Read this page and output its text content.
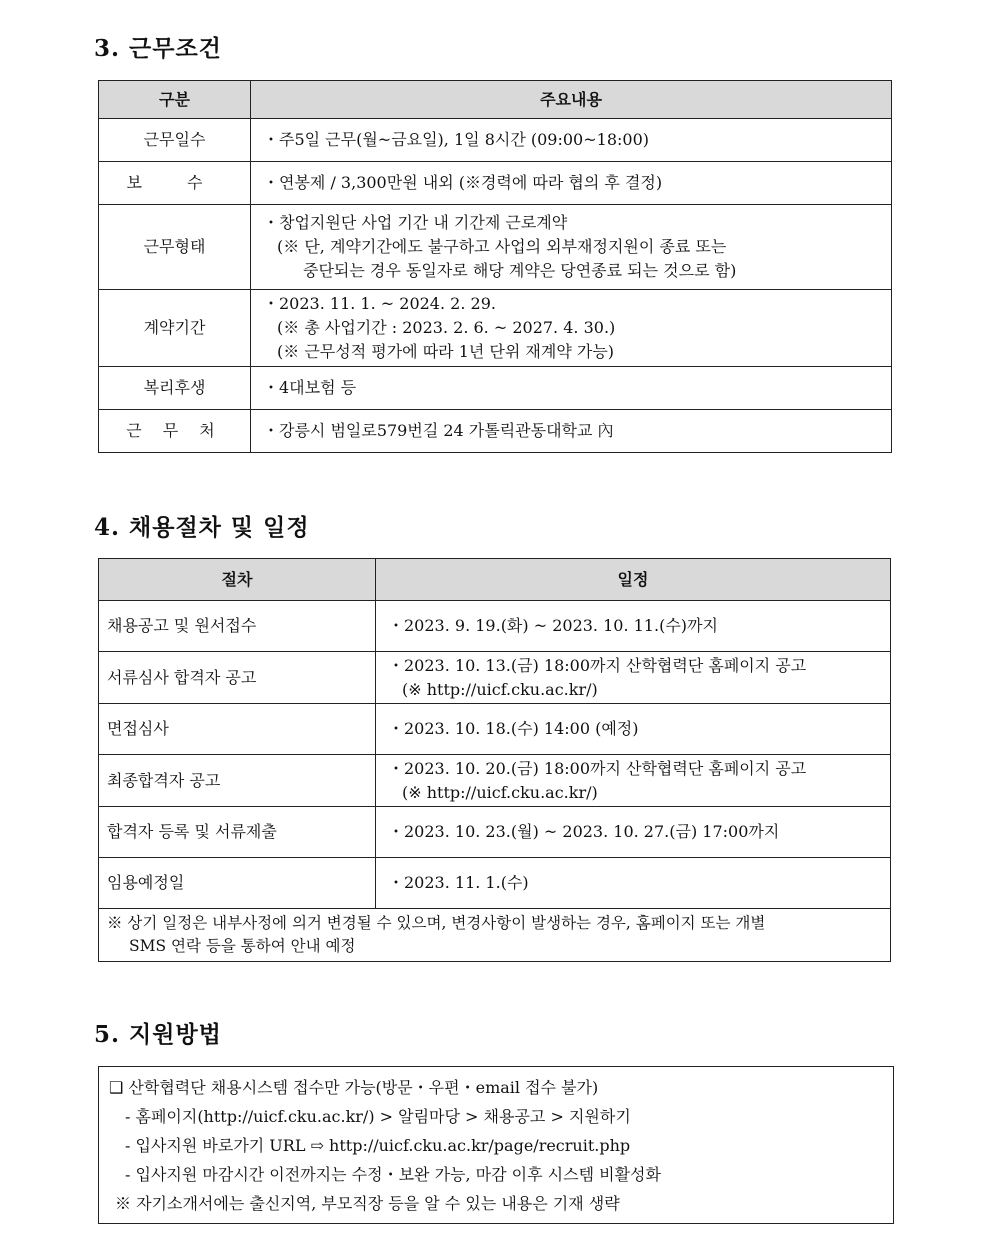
3. 근무조건
구분	주요내용
근무일수	・주5일 근무(월~금요일), 1일 8시간 (09:00~18:00)

보 수	・연봉제 / 3,300만원 내외 (※경력에 따라 협의 후 결정)

근무형태	・창업지원단 사업 기간 내 기간제 근로계약
(※ 단, 계약기간에도 불구하고 사업의 외부재정지원이 종료 또는
중단되는 경우 동일자로 해당 계약은 당연종료 되는 것으로 함)

계약기간	・2023. 11. 1. ~ 2024. 2. 29.
(※ 총 사업기간 : 2023. 2. 6. ~ 2027. 4. 30.)
(※ 근무성적 평가에 따라 1년 단위 재계약 가능)

복리후생	・4대보험 등

근 무 처	・강릉시 범일로579번길 24 가톨릭관동대학교 內
4. 채용절차 및 일정
절차	일정
채용공고 및 원서접수	・2023. 9. 19.(화) ~ 2023. 10. 11.(수)까지

서류심사 합격자 공고	・2023. 10. 13.(금) 18:00까지 산학협력단 홈페이지 공고
(※ http://uicf.cku.ac.kr/)

면접심사	・2023. 10. 18.(수) 14:00 (예정)

최종합격자 공고	・2023. 10. 20.(금) 18:00까지 산학협력단 홈페이지 공고
(※ http://uicf.cku.ac.kr/)

합격자 등록 및 서류제출	・2023. 10. 23.(월) ~ 2023. 10. 27.(금) 17:00까지

임용예정일	・2023. 11. 1.(수)

※ 상기 일정은 내부사정에 의거 변경될 수 있으며, 변경사항이 발생하는 경우, 홈페이지 또는 개별
SMS 연락 등을 통하여 안내 예정	
5. 지원방법
❑ 산학협력단 채용시스템 접수만 가능(방문・우편・email 접수 불가)
- 홈페이지(http://uicf.cku.ac.kr/) > 알림마당 > 채용공고 > 지원하기
- 입사지원 바로가기 URL ⇨ http://uicf.cku.ac.kr/page/recruit.php
- 입사지원 마감시간 이전까지는 수정・보완 가능, 마감 이후 시스템 비활성화
※ 자기소개서에는 출신지역, 부모직장 등을 알 수 있는 내용은 기재 생략
